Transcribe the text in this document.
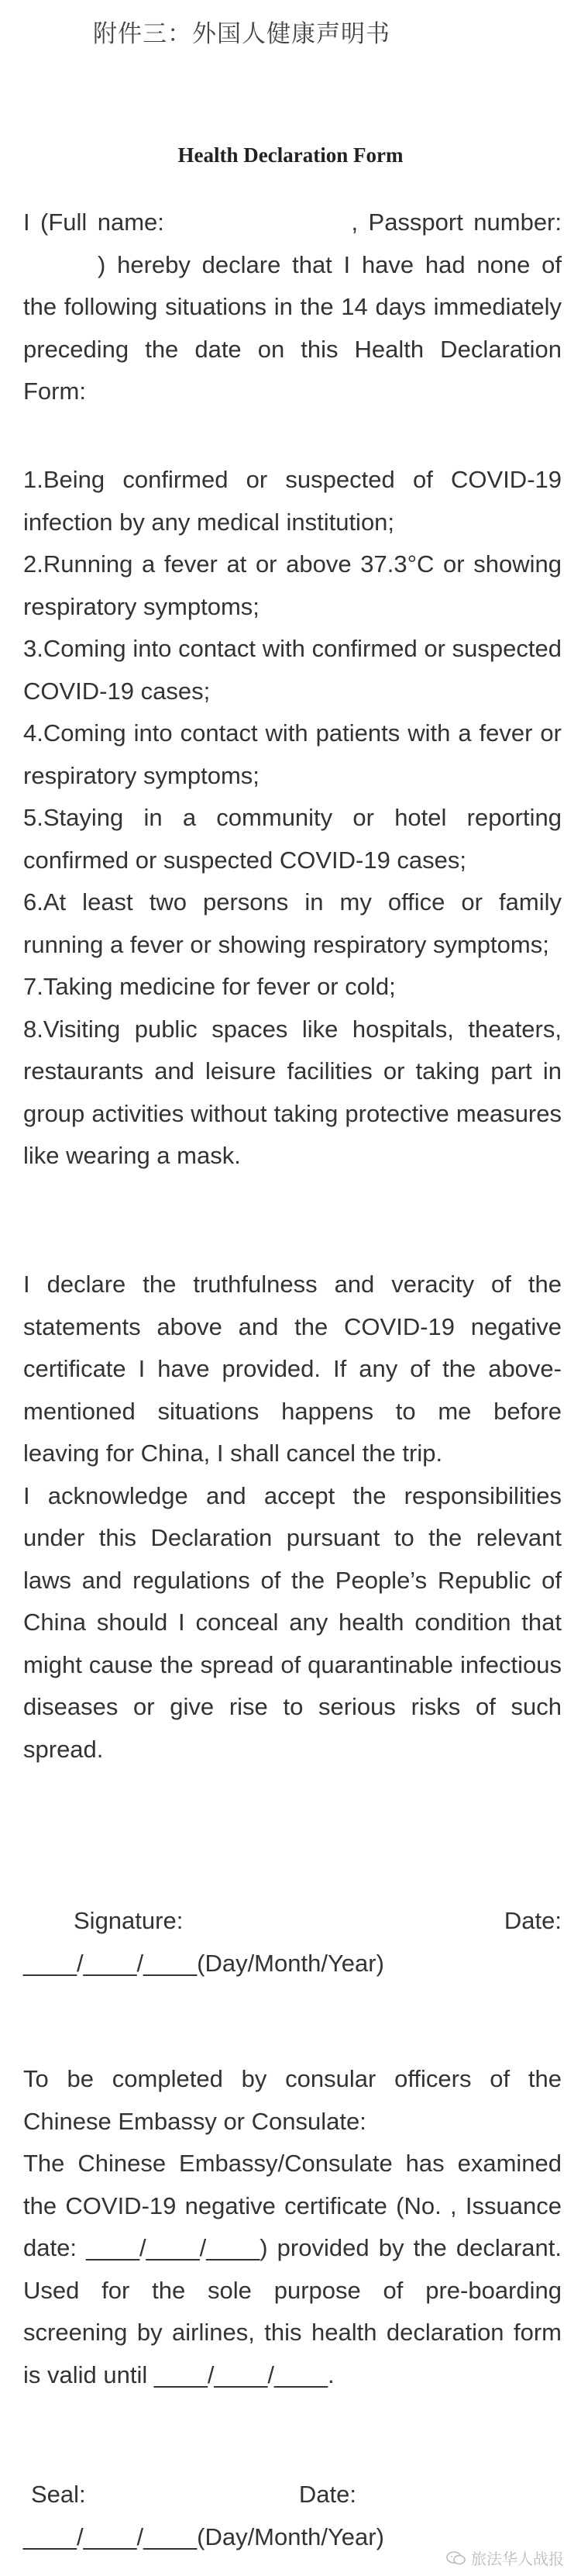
附件三：外国人健康声明书
Health Declaration Form
I (Full name:	, Passport number:

) hereby declare that I have had none of the following situations in the 14 days immediately preceding the date on this Health Declaration Form:

1.Being confirmed or suspected of COVID-19 infection by any medical institution;

2.Running a fever at or above 37.3°C or showing respiratory symptoms;

3.Coming into contact with confirmed or suspected COVID-19 cases;

4.Coming into contact with patients with a fever or respiratory symptoms;

5.Staying in a community or hotel reporting confirmed or suspected COVID-19 cases;

6.At least two persons in my office or family running a fever or showing respiratory symptoms;

7.Taking medicine for fever or cold;

8.Visiting public spaces like hospitals, theaters, restaurants and leisure facilities or taking part in group activities without taking protective measures like wearing a mask.

I declare the truthfulness and veracity of the statements above and the COVID-19 negative certificate I have provided. If any of the above-mentioned situations happens to me before leaving for China, I shall cancel the trip.

I acknowledge and accept the responsibilities under this Declaration pursuant to the relevant laws and regulations of the People’s Republic of China should I conceal any health condition that might cause the spread of quarantinable infectious diseases or give rise to serious risks of such spread.

Signature:	Date:
____/____/____(Day/Month/Year)

To be completed by consular officers of the Chinese Embassy or Consulate:

The Chinese Embassy/Consulate has examined the COVID-19 negative certificate (No. , Issuance date: ____/____/____) provided by the declarant. Used for the sole purpose of pre-boarding screening by airlines, this health declaration form is valid until ____/____/____.

Seal:	Date:
____/____/____(Day/Month/Year)
旅法华人战报
